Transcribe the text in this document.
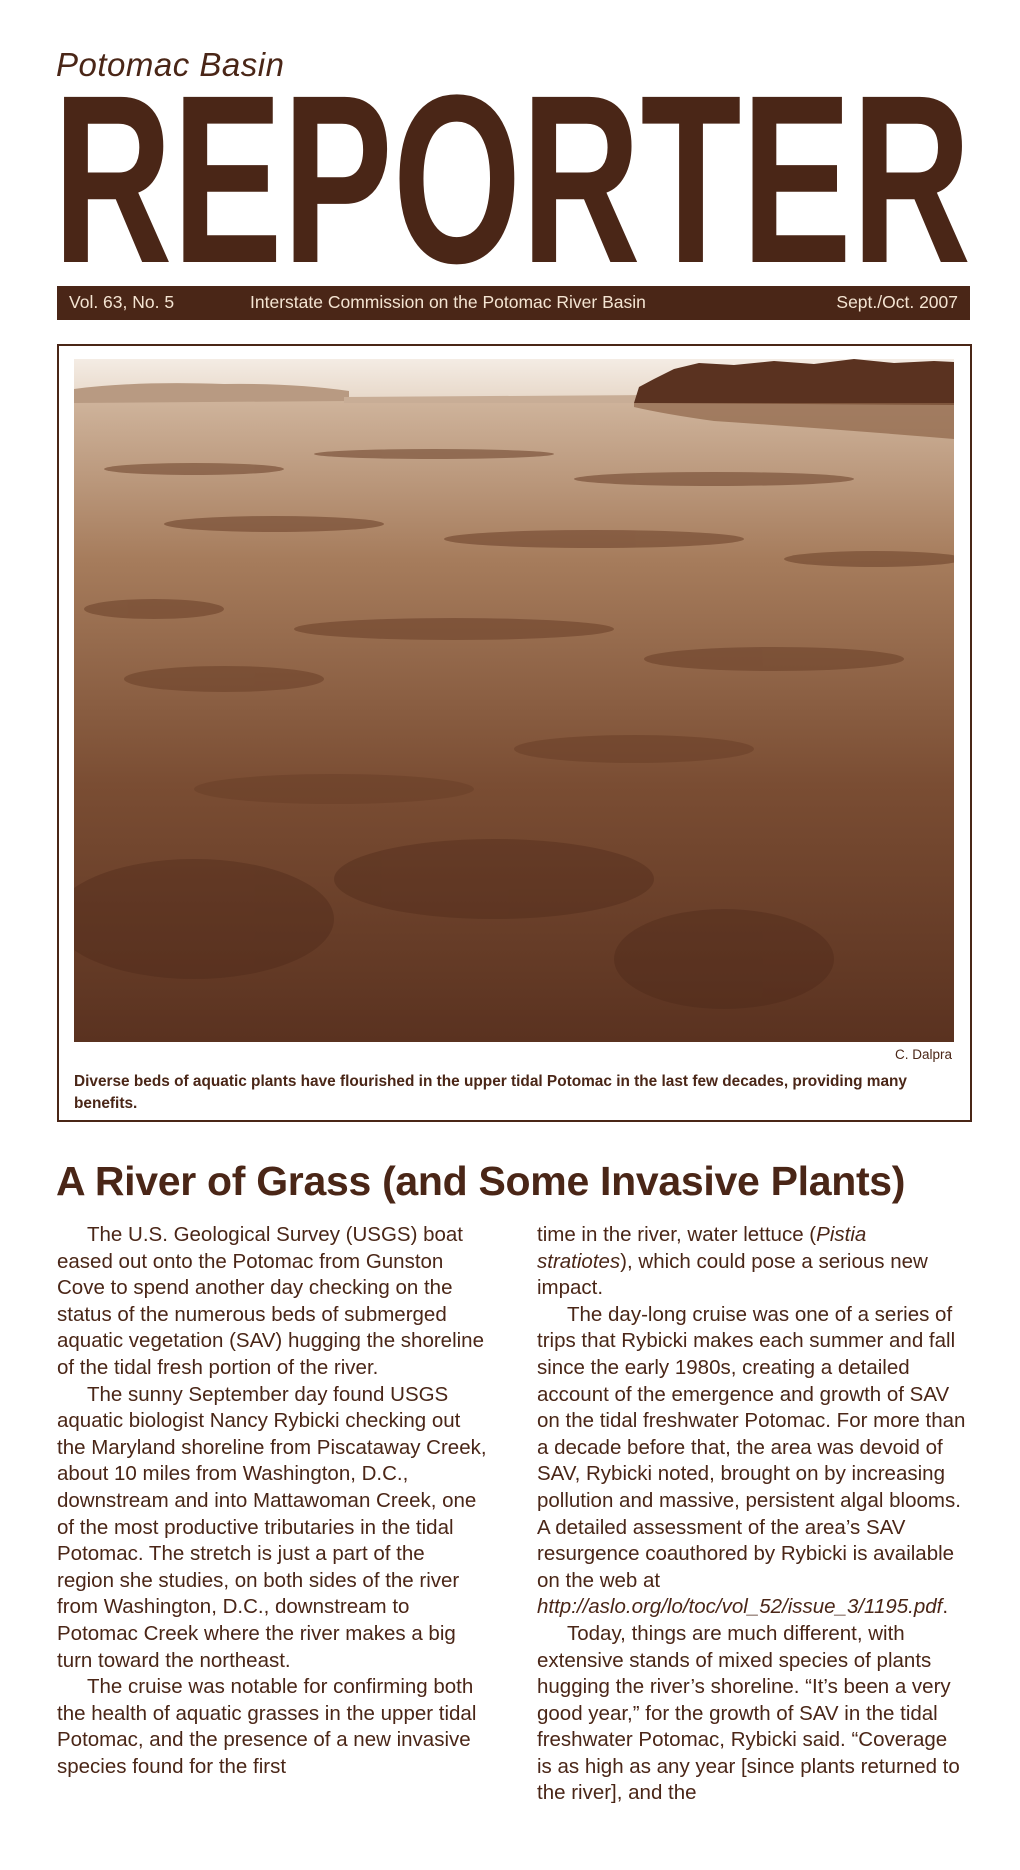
Potomac Basin
REPORTER
Vol. 63, No. 5	Interstate Commission on the Potomac River Basin	Sept./Oct. 2007
C. Dalpra
Diverse beds of aquatic plants have flourished in the upper tidal Potomac in the last few decades, providing many benefits.
A River of Grass (and Some Invasive Plants)

The U.S. Geological Survey (USGS) boat eased out onto the Potomac from Gunston Cove to spend another day checking on the status of the numerous beds of submerged aquatic vegetation (SAV) hugging the shoreline of the tidal fresh portion of the river.

The sunny September day found USGS aquatic biologist Nancy Rybicki checking out the Maryland shoreline from Piscataway Creek, about 10 miles from Washington, D.C., downstream and into Mattawoman Creek, one of the most productive tributaries in the tidal Potomac. The stretch is just a part of the region she studies, on both sides of the river from Washington, D.C., downstream to Potomac Creek where the river makes a big turn toward the northeast.

The cruise was notable for confirming both the health of aquatic grasses in the upper tidal Potomac, and the presence of a new invasive species found for the first

time in the river, water lettuce (Pistia stratiotes), which could pose a serious new impact.

The day-long cruise was one of a series of trips that Rybicki makes each summer and fall since the early 1980s, creating a detailed account of the emergence and growth of SAV on the tidal freshwater Potomac. For more than a decade before that, the area was devoid of SAV, Rybicki noted, brought on by increasing pollution and massive, persistent algal blooms. A detailed assessment of the area’s SAV resurgence coauthored by Rybicki is available on the web at http://aslo.org/lo/toc/vol_52/issue_3/1195.pdf.

Today, things are much different, with extensive stands of mixed species of plants hugging the river’s shoreline. “It’s been a very good year,” for the growth of SAV in the tidal freshwater Potomac, Rybicki said. “Coverage is as high as any year [since plants returned to the river], and the
